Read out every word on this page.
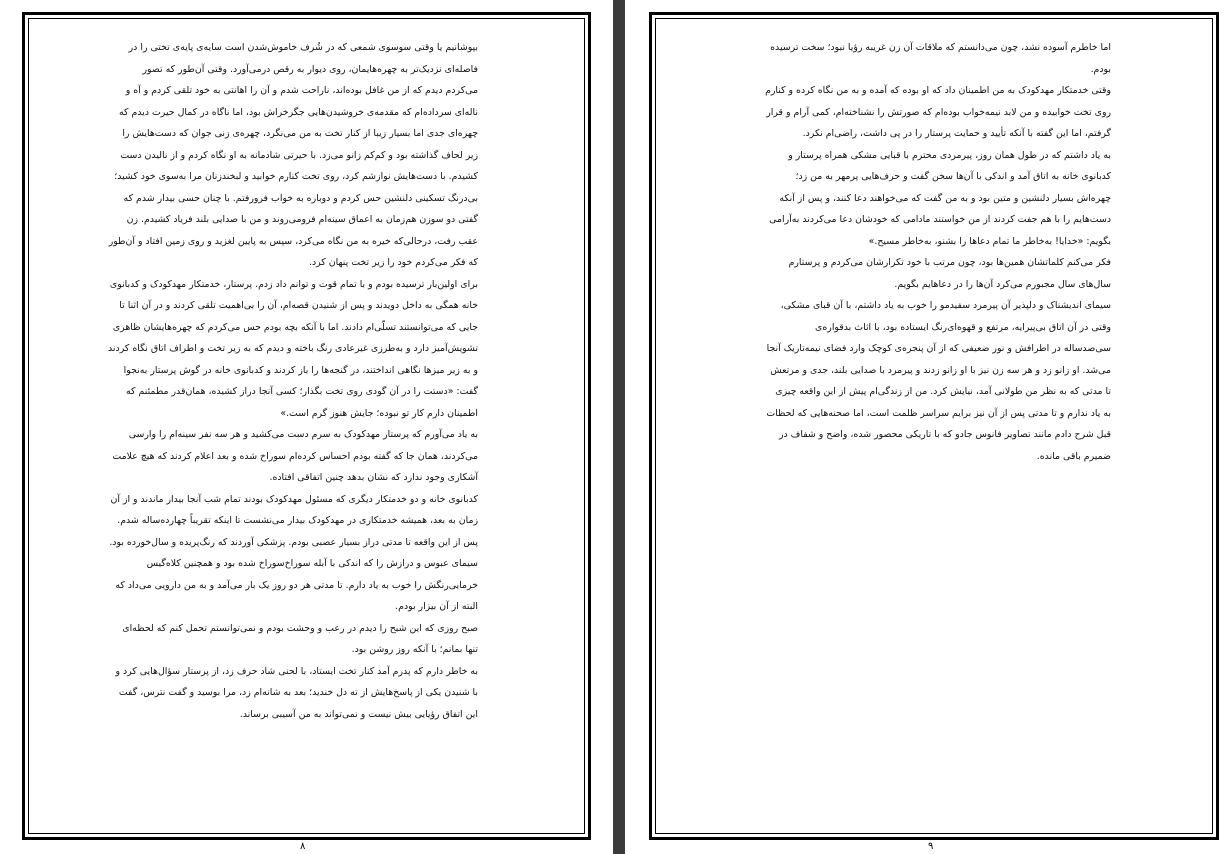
بپوشانیم یا وقتی سوسوی شمعی که در شُرف خاموش‌شدن است سایه‌ی پایه‌ی تختی را در فاصله‌ای نزدیک‌تر به چهره‌هایمان، روی دیوار به رقص درمی‌آورد. وقتی آن‌طور که تصور می‌کردم دیدم که از من غافل بوده‌اند، ناراحت شدم و آن را اهانتی به خود تلقی کردم و آه و ناله‌ای سرداده‌ام که مقدمه‌ی خروشیدن‌هایی جگرخراش بود، اما ناگاه در کمال حیرت دیدم که چهره‌ای جدی اما بسیار زیبا از کنار تخت به من می‌نگرد، چهره‌ی زنی جوان که دست‌هایش را زیر لحاف گذاشته بود و کم‌کم زانو می‌زد. با حیرتی شادمانه به او نگاه کردم و از نالیدن دست کشیدم. با دست‌هایش نوازشم کرد، روی تخت کنارم خوابید و لبخندزنان مرا به‌سوی خود کشید؛ بی‌درنگ تسکینی دلنشین حس کردم و دوباره به خواب فرورفتم. با چنان حسی بیدار شدم که گفتی دو سوزن هم‌زمان به اعماق سینه‌ام فرومی‌روند و من با صدایی بلند فریاد کشیدم. زن عقب رفت، درحالی‌که خیره به من نگاه می‌کرد، سپس به پایین لغزید و روی زمین افتاد و آن‌طور که فکر می‌کردم خود را زیر تخت پنهان کرد.

برای اولین‌بار ترسیده بودم و با تمام قوت و توانم داد زدم. پرستار، خدمتکار مهدکودک و کدبانوی خانه همگی به داخل دویدند و پس از شنیدن قصه‌ام، آن را بی‌اهمیت تلقی کردند و در آن اثنا تا جایی که می‌توانستند تسلّی‌ام دادند. اما با آنکه بچه بودم حس می‌کردم که چهره‌هایشان ظاهری تشویش‌آمیز دارد و به‌طرزی غیرعادی رنگ باخته و دیدم که به زیر تخت و اطراف اتاق نگاه کردند و به زیر میزها نگاهی انداختند، در گنجه‌ها را باز کردند و کدبانوی خانه در گوش پرستار به‌نجوا گفت: «دستت را در آن گودی روی تخت بگذار؛ کسی آنجا دراز کشیده، همان‌قدر مطمئنم که اطمینان دارم کار تو نبوده؛ جایش هنوز گرم است.»

به یاد می‌آورم که پرستار مهدکودک به سرم دست می‌کشید و هر سه نفر سینه‌ام را وارسی می‌کردند، همان جا که گفته بودم احساس کرده‌ام سوراخ شده و بعد اعلام کردند که هیچ علامت آشکاری وجود ندارد که نشان بدهد چنین اتفاقی افتاده.

کدبانوی خانه و دو خدمتکار دیگری که مسئول مهدکودک بودند تمام شب آنجا بیدار ماندند و از آن زمان به بعد، همیشه خدمتکاری در مهدکودک بیدار می‌نشست تا اینکه تقریباً چهارده‌ساله شدم.

پس از این واقعه تا مدتی دراز بسیار عصبی بودم. پزشکی آوردند که رنگ‌پریده و سال‌خورده بود. سیمای عبوس و درازش را که اندکی با آبله سوراخ‌سوراخ شده بود و همچنین کلاه‌گیس خرمایی‌رنگش را خوب به یاد دارم. تا مدتی هر دو روز یک بار می‌آمد و به من دارویی می‌داد که البته از آن بیزار بودم.

صبح روزی که این شبح را دیدم در رعب و وحشت بودم و نمی‌توانستم تحمل کنم که لحظه‌ای تنها بمانم؛ با آنکه روز روشن بود.

به خاطر دارم که پدرم آمد کنار تخت ایستاد، با لحنی شاد حرف زد، از پرستار سؤال‌هایی کرد و با شنیدن یکی از پاسخ‌هایش از ته دل خندید؛ بعد به شانه‌ام زد، مرا بوسید و گفت نترس، گفت این اتفاق رؤیایی بیش نیست و نمی‌تواند به من آسیبی برساند.

۸

اما خاطرم آسوده نشد، چون می‌دانستم که ملاقات آن زن غریبه رؤیا نبود؛ سخت ترسیده بودم.

وقتی خدمتکار مهدکودک به من اطمینان داد که او بوده که آمده و به من نگاه کرده و کنارم روی تخت خوابیده و من لابد نیمه‌خواب بوده‌ام که صورتش را نشناخته‌ام، کمی آرام و قرار گرفتم، اما این گفته با آنکه تأیید و حمایت پرستار را در پی داشت، راضی‌ام نکرد.

به یاد داشتم که در طول همان روز، پیرمردی محترم با قبایی مشکی همراه پرستار و کدبانوی خانه به اتاق آمد و اندکی با آن‌ها سخن گفت و حرف‌هایی پرمهر به من زد؛ چهره‌اش بسیار دلنشین و متین بود و به من گفت که می‌خواهند دعا کنند، و پس از آنکه دست‌هایم را با هم جفت کردند از من خواستند مادامی که خودشان دعا می‌کردند به‌آرامی بگویم: «خدایا! به‌خاطر ما تمام دعاها را بشنو، به‌خاطر مسیح.»

فکر می‌کنم کلماتشان همین‌ها بود، چون مرتب با خود تکرارشان می‌کردم و پرستارم سال‌های سال مجبورم می‌کرد آن‌ها را در دعاهایم بگویم.

سیمای اندیشناک و دلپذیر آن پیرمرد سفیدمو را خوب به یاد داشتم، با آن قبای مشکی، وقتی در آن اتاق بی‌پیرایه، مرتفع و قهوه‌ای‌رنگ ایستاده بود، با اثاث بدقواره‌ی سی‌صدساله در اطرافش و نور ضعیفی که از آن پنجره‌ی کوچک وارد فضای نیمه‌تاریک آنجا می‌شد. او زانو زد و هر سه زن نیز با او زانو زدند و پیرمرد با صدایی بلند، جدی و مرتعش تا مدتی که به نظر من طولانی آمد، نیایش کرد. من از زندگی‌ام پیش از این واقعه چیزی به یاد ندارم و تا مدتی پس از آن نیز برایم سراسر ظلمت است، اما صحنه‌هایی که لحظات قبل شرح دادم مانند تصاویر فانوس جادو که با تاریکی محصور شده، واضح و شفاف در ضمیرم باقی مانده.

۹
